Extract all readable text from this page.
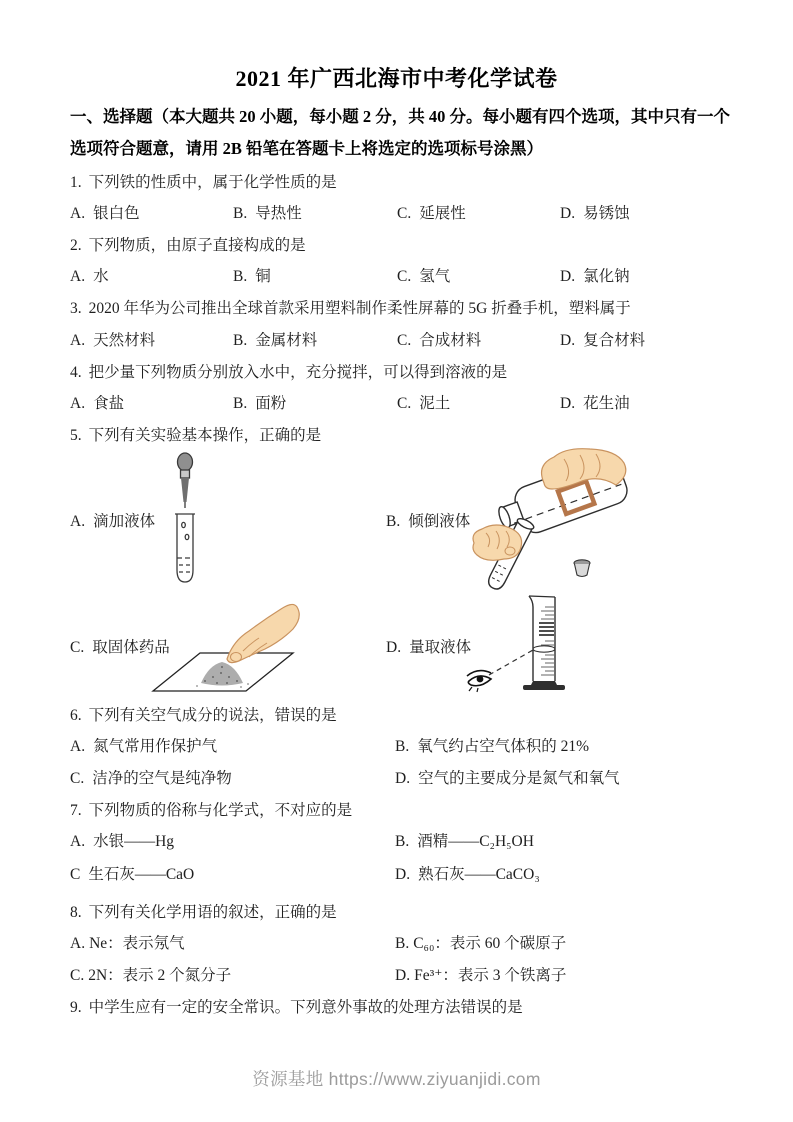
2021 年广西北海市中考化学试卷
一、选择题（本大题共 20 小题，每小题 2 分，共 40 分。每小题有四个选项，其中只有一个
选项符合题意，请用 2B 铅笔在答题卡上将选定的选项标号涂黑）
1. 下列铁的性质中，属于化学性质的是
A. 银白色	B. 导热性	C. 延展性	D. 易锈蚀
2. 下列物质，由原子直接构成的是
A. 水	B. 铜	C. 氢气	D. 氯化钠
3. 2020 年华为公司推出全球首款采用塑料制作柔性屏幕的 5G 折叠手机，塑料属于
A. 天然材料	B. 金属材料	C. 合成材料	D. 复合材料
4. 把少量下列物质分别放入水中，充分搅拌，可以得到溶液的是
A. 食盐	B. 面粉	C. 泥土	D. 花生油
5. 下列有关实验基本操作，正确的是
A. 滴加液体	B. 倾倒液体
C. 取固体药品	D. 量取液体
6. 下列有关空气成分的说法，错误的是
A. 氮气常用作保护气	B. 氧气约占空气体积的 21%
C. 洁净的空气是纯净物	D. 空气的主要成分是氮气和氧气
7. 下列物质的俗称与化学式，不对应的是
A. 水银——Hg	B. 酒精——C₂H₅OH
C 生石灰——CaO	D. 熟石灰——CaCO₃
8. 下列有关化学用语的叙述，正确的是
A. Ne：表示氖气	B. C₆₀：表示 60 个碳原子
C. 2N：表示 2 个氮分子	D. Fe³⁺：表示 3 个铁离子
9. 中学生应有一定的安全常识。下列意外事故的处理方法错误的是
资源基地 https://www.ziyuanjidi.com
